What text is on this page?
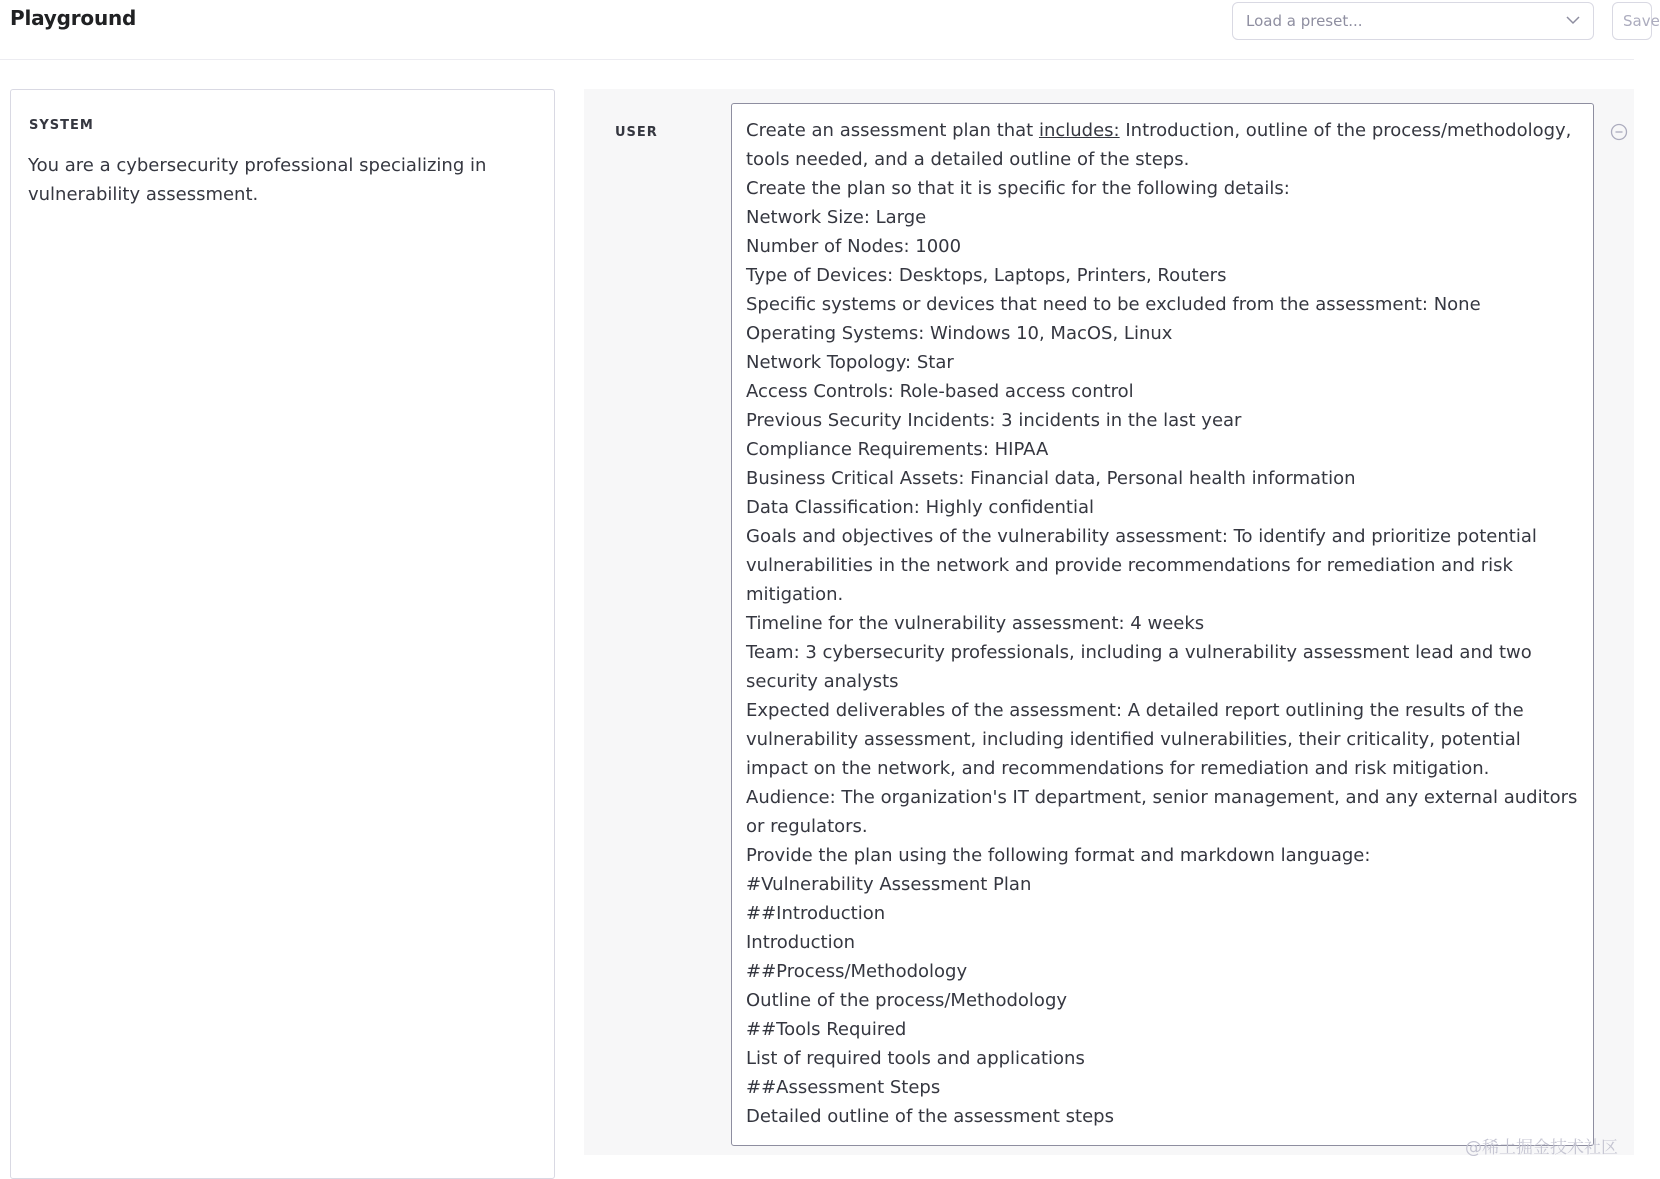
Playground	Load a preset...	Save
SYSTEM
You are a cybersecurity professional specializing in vulnerability assessment.
USER	Create an assessment plan that includes: Introduction, outline of the process/methodology, tools needed, and a detailed outline of the steps.
Create the plan so that it is specific for the following details:
Network Size: Large
Number of Nodes: 1000
Type of Devices: Desktops, Laptops, Printers, Routers
Specific systems or devices that need to be excluded from the assessment: None
Operating Systems: Windows 10, MacOS, Linux
Network Topology: Star
Access Controls: Role-based access control
Previous Security Incidents: 3 incidents in the last year
Compliance Requirements: HIPAA
Business Critical Assets: Financial data, Personal health information
Data Classification: Highly confidential
Goals and objectives of the vulnerability assessment: To identify and prioritize potential vulnerabilities in the network and provide recommendations for remediation and risk mitigation.
Timeline for the vulnerability assessment: 4 weeks
Team: 3 cybersecurity professionals, including a vulnerability assessment lead and two security analysts
Expected deliverables of the assessment: A detailed report outlining the results of the vulnerability assessment, including identified vulnerabilities, their criticality, potential impact on the network, and recommendations for remediation and risk mitigation.
Audience: The organization's IT department, senior management, and any external auditors or regulators.
Provide the plan using the following format and markdown language:
#Vulnerability Assessment Plan
##Introduction
Introduction
##Process/Methodology
Outline of the process/Methodology
##Tools Required
List of required tools and applications
##Assessment Steps
Detailed outline of the assessment steps
@稀土掘金技术社区
